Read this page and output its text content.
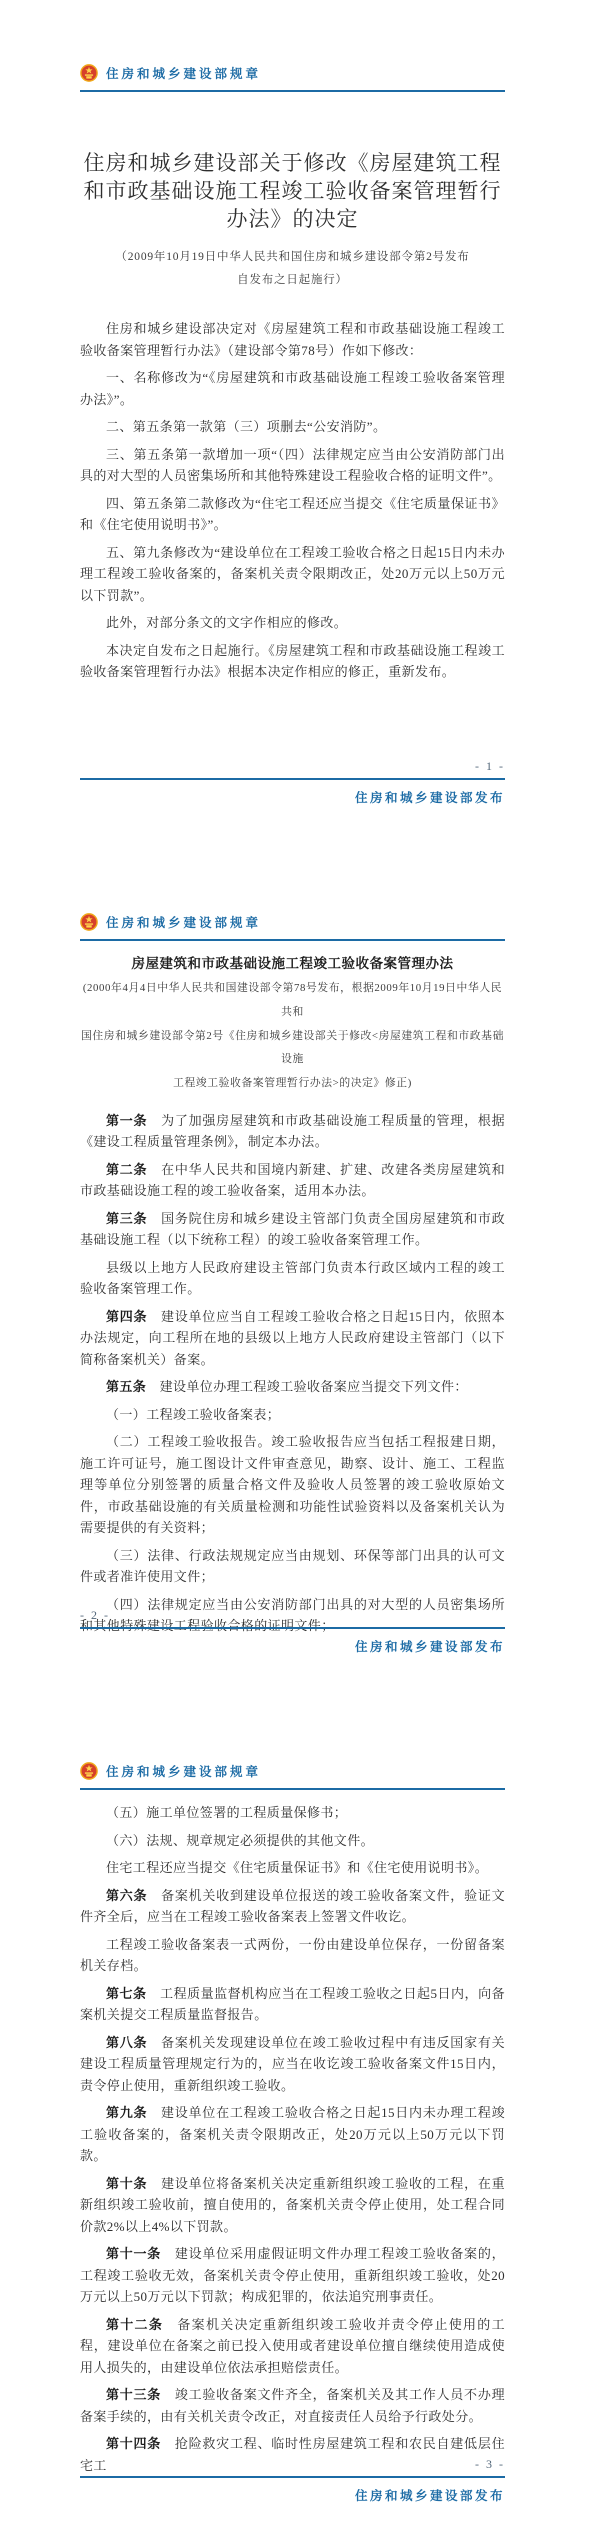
住房和城乡建设部规章
住房和城乡建设部关于修改《房屋建筑工程
和市政基础设施工程竣工验收备案管理暂行
办法》的决定
（2009年10月19日中华人民共和国住房和城乡建设部令第2号发布
自发布之日起施行）

住房和城乡建设部决定对《房屋建筑工程和市政基础设施工程竣工验收备案管理暂行办法》（建设部令第78号）作如下修改：

一、名称修改为“《房屋建筑和市政基础设施工程竣工验收备案管理办法》”。

二、第五条第一款第（三）项删去“公安消防”。

三、第五条第一款增加一项“（四）法律规定应当由公安消防部门出具的对大型的人员密集场所和其他特殊建设工程验收合格的证明文件”。

四、第五条第二款修改为“住宅工程还应当提交《住宅质量保证书》和《住宅使用说明书》”。

五、第九条修改为“建设单位在工程竣工验收合格之日起15日内未办理工程竣工验收备案的，备案机关责令限期改正，处20万元以上50万元以下罚款”。

此外，对部分条文的文字作相应的修改。

本决定自发布之日起施行。《房屋建筑工程和市政基础设施工程竣工验收备案管理暂行办法》根据本决定作相应的修正，重新发布。

- 1 -
住房和城乡建设部发布
住房和城乡建设部规章
房屋建筑和市政基础设施工程竣工验收备案管理办法
(2000年4月4日中华人民共和国建设部令第78号发布，根据2009年10月19日中华人民共和
国住房和城乡建设部令第2号《住房和城乡建设部关于修改<房屋建筑工程和市政基础设施
工程竣工验收备案管理暂行办法>的决定》修正)

第一条　为了加强房屋建筑和市政基础设施工程质量的管理，根据《建设工程质量管理条例》，制定本办法。

第二条　在中华人民共和国境内新建、扩建、改建各类房屋建筑和市政基础设施工程的竣工验收备案，适用本办法。

第三条　国务院住房和城乡建设主管部门负责全国房屋建筑和市政基础设施工程（以下统称工程）的竣工验收备案管理工作。

县级以上地方人民政府建设主管部门负责本行政区域内工程的竣工验收备案管理工作。

第四条　建设单位应当自工程竣工验收合格之日起15日内，依照本办法规定，向工程所在地的县级以上地方人民政府建设主管部门（以下简称备案机关）备案。

第五条　建设单位办理工程竣工验收备案应当提交下列文件：

（一）工程竣工验收备案表；

（二）工程竣工验收报告。竣工验收报告应当包括工程报建日期，施工许可证号，施工图设计文件审查意见，勘察、设计、施工、工程监理等单位分别签署的质量合格文件及验收人员签署的竣工验收原始文件，市政基础设施的有关质量检测和功能性试验资料以及备案机关认为需要提供的有关资料；

（三）法律、行政法规规定应当由规划、环保等部门出具的认可文件或者准许使用文件；

（四）法律规定应当由公安消防部门出具的对大型的人员密集场所和其他特殊建设工程验收合格的证明文件；

- 2 -
住房和城乡建设部发布
住房和城乡建设部规章

（五）施工单位签署的工程质量保修书；

（六）法规、规章规定必须提供的其他文件。

住宅工程还应当提交《住宅质量保证书》和《住宅使用说明书》。

第六条　备案机关收到建设单位报送的竣工验收备案文件，验证文件齐全后，应当在工程竣工验收备案表上签署文件收讫。

工程竣工验收备案表一式两份，一份由建设单位保存，一份留备案机关存档。

第七条　工程质量监督机构应当在工程竣工验收之日起5日内，向备案机关提交工程质量监督报告。

第八条　备案机关发现建设单位在竣工验收过程中有违反国家有关建设工程质量管理规定行为的，应当在收讫竣工验收备案文件15日内，责令停止使用，重新组织竣工验收。

第九条　建设单位在工程竣工验收合格之日起15日内未办理工程竣工验收备案的，备案机关责令限期改正，处20万元以上50万元以下罚款。

第十条　建设单位将备案机关决定重新组织竣工验收的工程，在重新组织竣工验收前，擅自使用的，备案机关责令停止使用，处工程合同价款2%以上4%以下罚款。

第十一条　建设单位采用虚假证明文件办理工程竣工验收备案的，工程竣工验收无效，备案机关责令停止使用，重新组织竣工验收，处20万元以上50万元以下罚款；构成犯罪的，依法追究刑事责任。

第十二条　备案机关决定重新组织竣工验收并责令停止使用的工程，建设单位在备案之前已投入使用或者建设单位擅自继续使用造成使用人损失的，由建设单位依法承担赔偿责任。

第十三条　竣工验收备案文件齐全，备案机关及其工作人员不办理备案手续的，由有关机关责令改正，对直接责任人员给予行政处分。

第十四条　抢险救灾工程、临时性房屋建筑工程和农民自建低层住宅工	- 3 -
住房和城乡建设部发布
